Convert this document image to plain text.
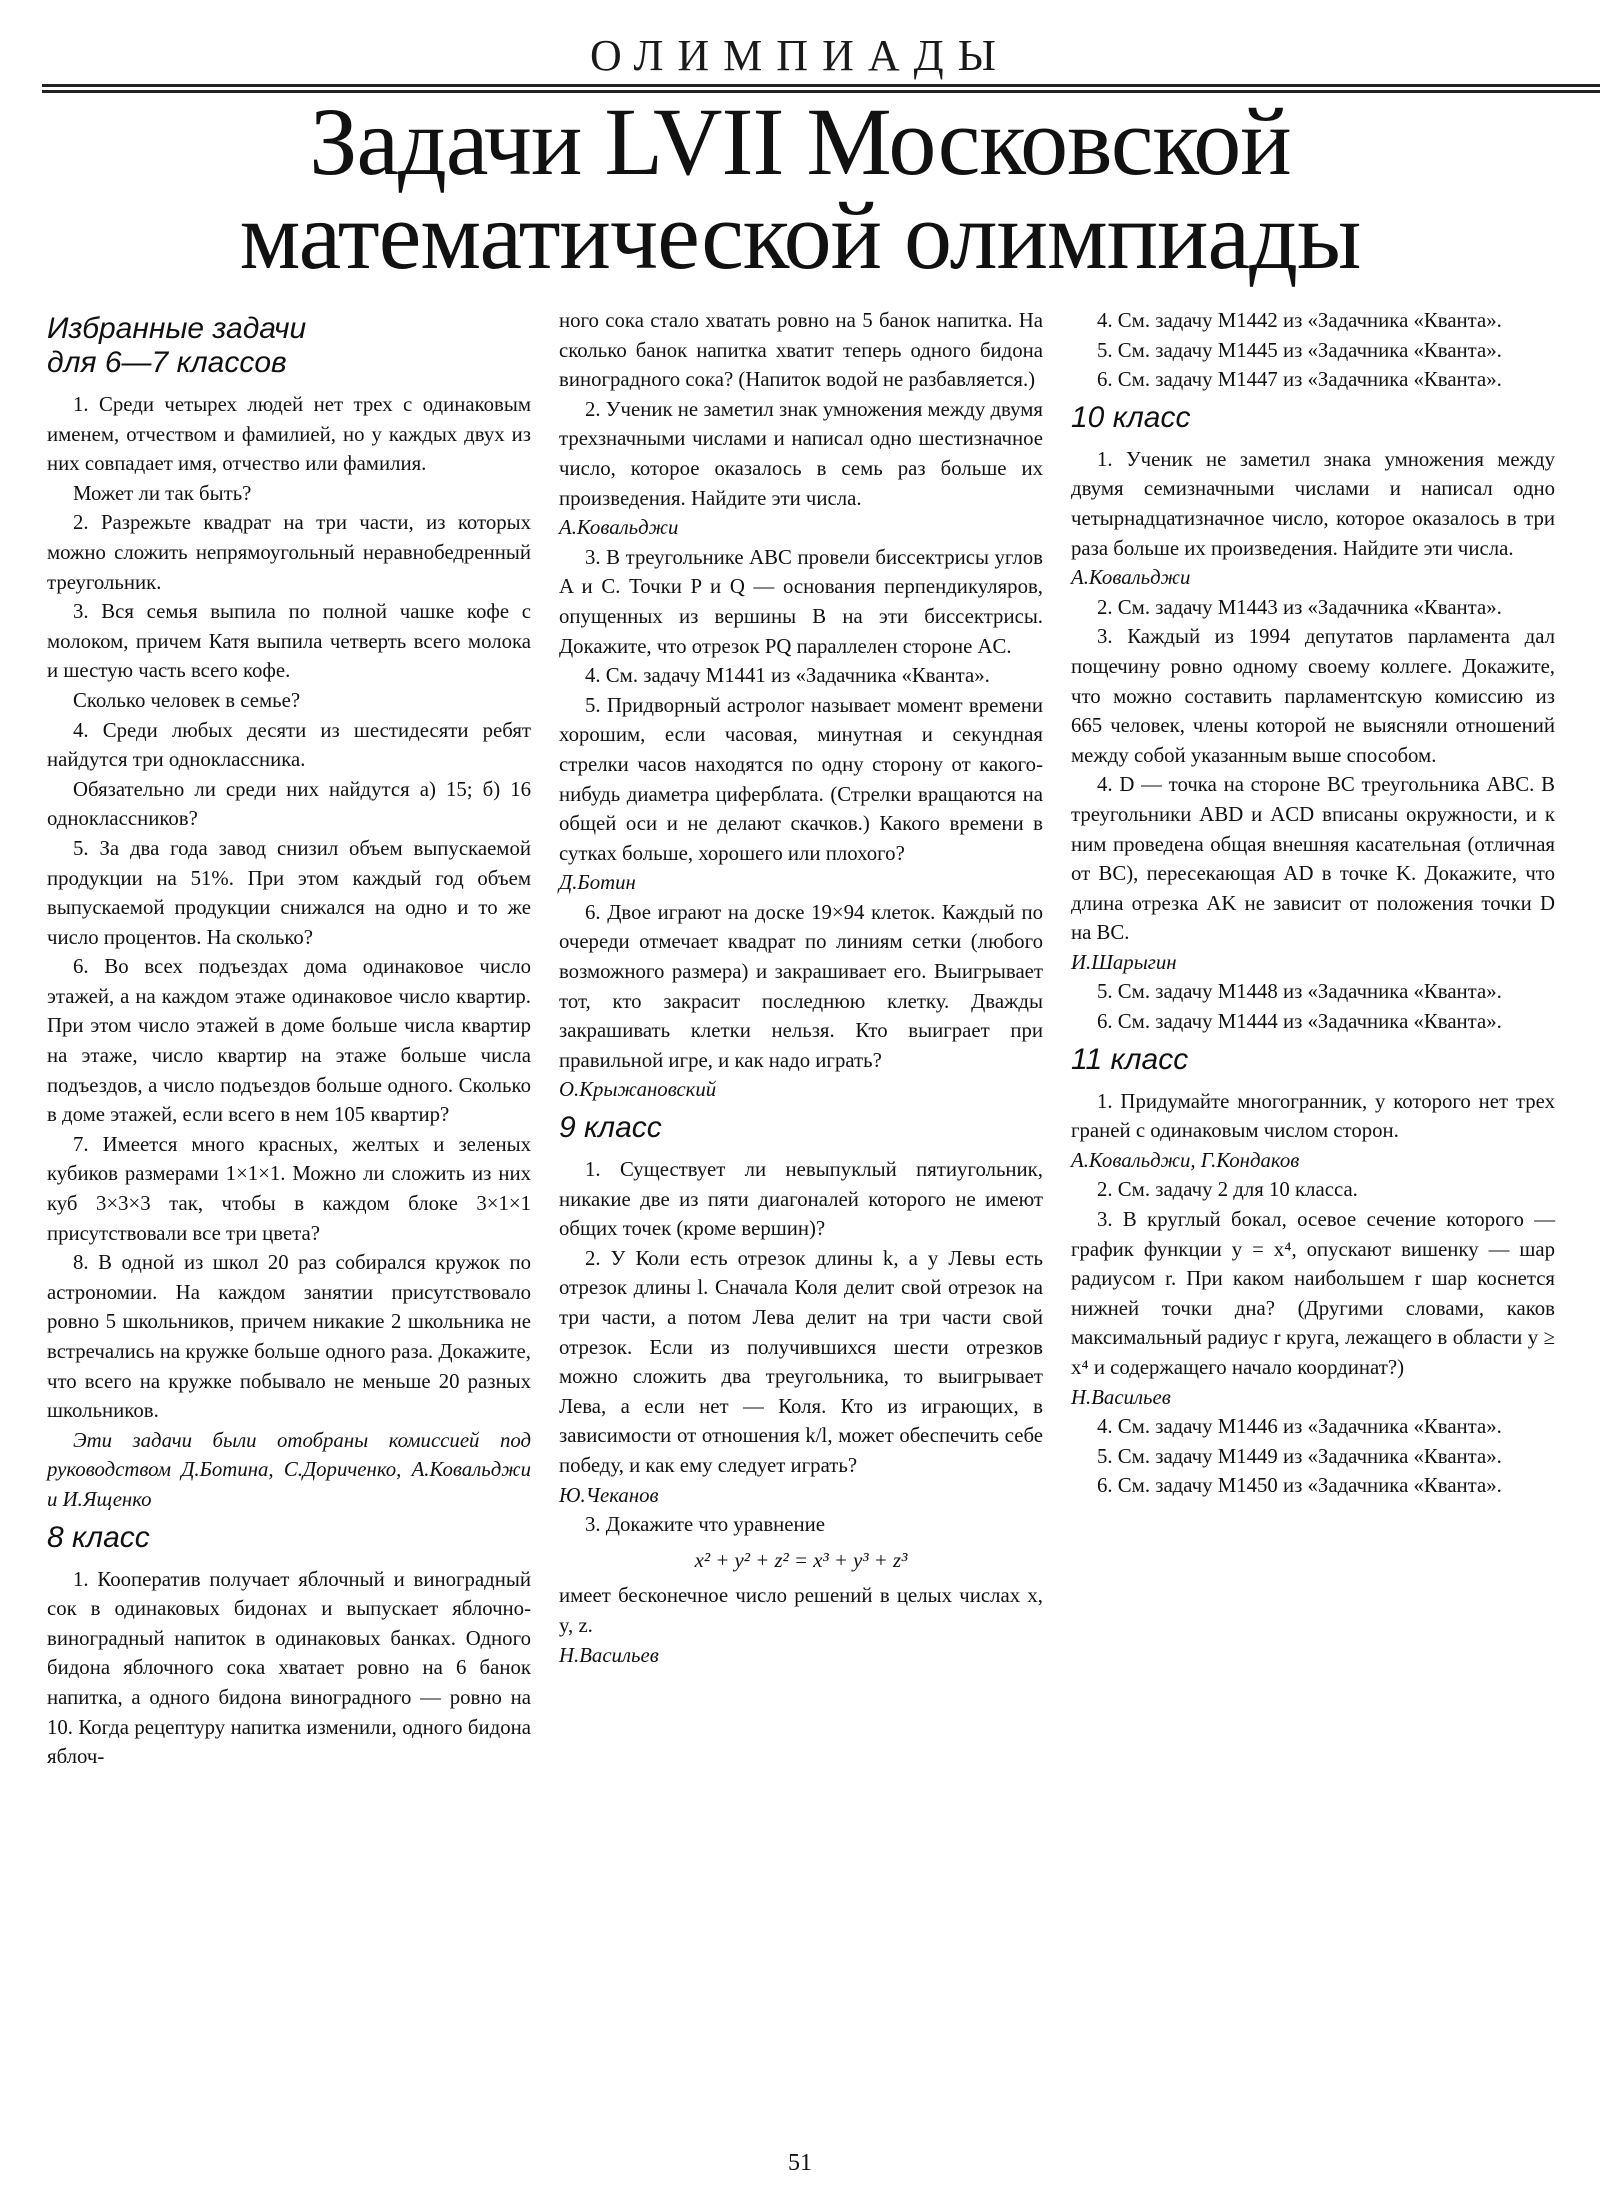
ОЛИМПИАДЫ
Задачи LVII Московской
математической олимпиады
Избранные задачи
для 6—7 классов

1. Среди четырех людей нет трех с одинаковым именем, отчеством и фамилией, но у каждых двух из них совпадает имя, отчество или фамилия.

Может ли так быть?

2. Разрежьте квадрат на три части, из которых можно сложить непрямоугольный неравнобедренный треугольник.

3. Вся семья выпила по полной чашке кофе с молоком, причем Катя выпила четверть всего молока и шестую часть всего кофе.

Сколько человек в семье?

4. Среди любых десяти из шестидесяти ребят найдутся три одноклассника.

Обязательно ли среди них найдутся а) 15; б) 16 одноклассников?

5. За два года завод снизил объем выпускаемой продукции на 51%. При этом каждый год объем выпускаемой продукции снижался на одно и то же число процентов. На сколько?

6. Во всех подъездах дома одинаковое число этажей, а на каждом этаже одинаковое число квартир. При этом число этажей в доме больше числа квартир на этаже, число квартир на этаже больше числа подъездов, а число подъездов больше одного. Сколько в доме этажей, если всего в нем 105 квартир?

7. Имеется много красных, желтых и зеленых кубиков размерами 1×1×1. Можно ли сложить из них куб 3×3×3 так, чтобы в каждом блоке 3×1×1 присутствовали все три цвета?

8. В одной из школ 20 раз собирался кружок по астрономии. На каждом занятии присутствовало ровно 5 школьников, причем никакие 2 школьника не встречались на кружке больше одного раза. Докажите, что всего на кружке побывало не меньше 20 разных школьников.

Эти задачи были отобраны комиссией под руководством Д.Ботина, С.Дориченко, А.Ковальджи и И.Ященко

8 класс

1. Кооператив получает яблочный и виноградный сок в одинаковых бидонах и выпускает яблочно-виноградный напиток в одинаковых банках. Одного бидона яблочного сока хватает ровно на 6 банок напитка, а одного бидона виноградного — ровно на 10. Когда рецептуру напитка изменили, одного бидона яблоч-

ного сока стало хватать ровно на 5 банок напитка. На сколько банок напитка хватит теперь одного бидона виноградного сока? (Напиток водой не разбавляется.)

2. Ученик не заметил знак умножения между двумя трехзначными числами и написал одно шестизначное число, которое оказалось в семь раз больше их произведения. Найдите эти числа.

А.Ковальджи

3. В треугольнике ABC провели биссектрисы углов A и C. Точки P и Q — основания перпендикуляров, опущенных из вершины B на эти биссектрисы. Докажите, что отрезок PQ параллелен стороне AC.

4. См. задачу М1441 из «Задачника «Кванта».

5. Придворный астролог называет момент времени хорошим, если часовая, минутная и секундная стрелки часов находятся по одну сторону от какого-нибудь диаметра циферблата. (Стрелки вращаются на общей оси и не делают скачков.) Какого времени в сутках больше, хорошего или плохого?

Д.Ботин

6. Двое играют на доске 19×94 клеток. Каждый по очереди отмечает квадрат по линиям сетки (любого возможного размера) и закрашивает его. Выигрывает тот, кто закрасит последнюю клетку. Дважды закрашивать клетки нельзя. Кто выиграет при правильной игре, и как надо играть?

О.Крыжановский

9 класс

1. Существует ли невыпуклый пятиугольник, никакие две из пяти диагоналей которого не имеют общих точек (кроме вершин)?

2. У Коли есть отрезок длины k, а у Левы есть отрезок длины l. Сначала Коля делит свой отрезок на три части, а потом Лева делит на три части свой отрезок. Если из получившихся шести отрезков можно сложить два треугольника, то выигрывает Лева, а если нет — Коля. Кто из играющих, в зависимости от отношения k/l, может обеспечить себе победу, и как ему следует играть?

Ю.Чеканов

3. Докажите что уравнение

x² + y² + z² = x³ + y³ + z³

имеет бесконечное число решений в целых числах x, y, z.

Н.Васильев

4. См. задачу М1442 из «Задачника «Кванта».

5. См. задачу М1445 из «Задачника «Кванта».

6. См. задачу М1447 из «Задачника «Кванта».

10 класс

1. Ученик не заметил знака умножения между двумя семизначными числами и написал одно четырнадцатизначное число, которое оказалось в три раза больше их произведения. Найдите эти числа.

А.Ковальджи

2. См. задачу М1443 из «Задачника «Кванта».

3. Каждый из 1994 депутатов парламента дал пощечину ровно одному своему коллеге. Докажите, что можно составить парламентскую комиссию из 665 человек, члены которой не выясняли отношений между собой указанным выше способом.

4. D — точка на стороне BC треугольника ABC. В треугольники ABD и ACD вписаны окружности, и к ним проведена общая внешняя касательная (отличная от BC), пересекающая AD в точке K. Докажите, что длина отрезка AK не зависит от положения точки D на BC.

И.Шарыгин

5. См. задачу М1448 из «Задачника «Кванта».

6. См. задачу М1444 из «Задачника «Кванта».

11 класс

1. Придумайте многогранник, у которого нет трех граней с одинаковым числом сторон.

А.Ковальджи, Г.Кондаков

2. См. задачу 2 для 10 класса.

3. В круглый бокал, осевое сечение которого — график функции y = x⁴, опускают вишенку — шар радиусом r. При каком наибольшем r шар коснется нижней точки дна? (Другими словами, каков максимальный радиус r круга, лежащего в области y ≥ x⁴ и содержащего начало координат?)

Н.Васильев

4. См. задачу М1446 из «Задачника «Кванта».

5. См. задачу М1449 из «Задачника «Кванта».

6. См. задачу М1450 из «Задачника «Кванта».

51
